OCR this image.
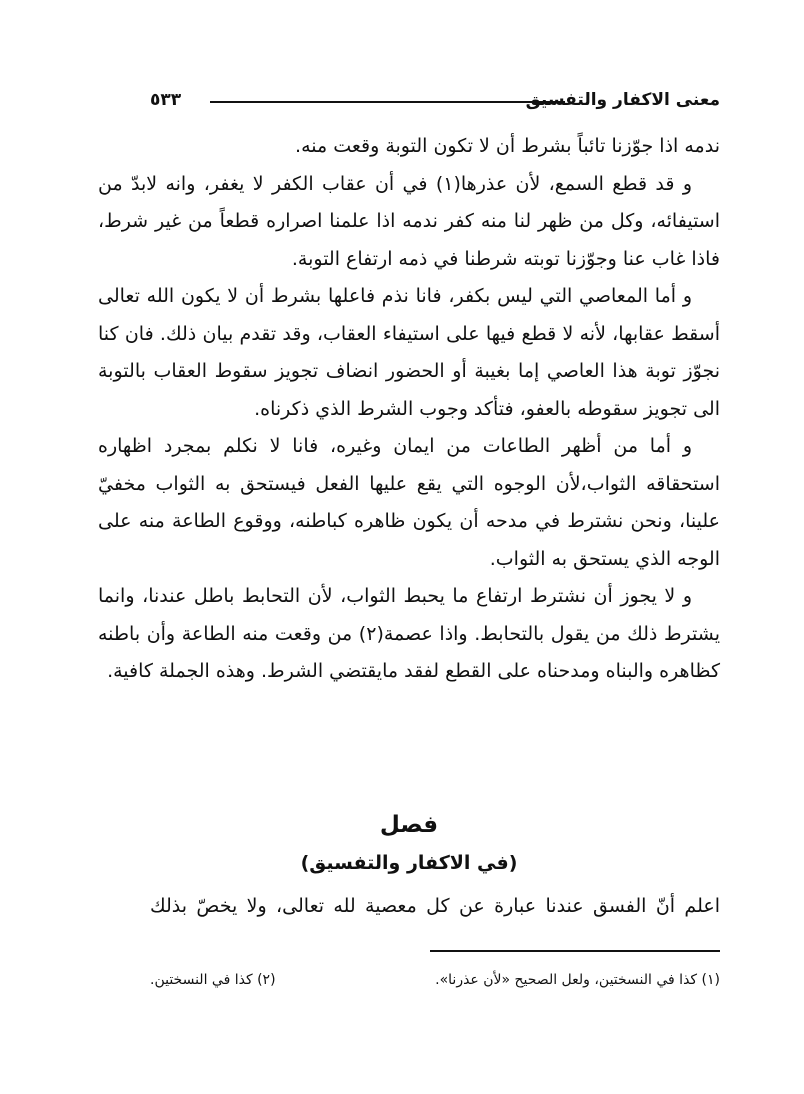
معنى الاكفار والتفسيق
٥٣٣

ندمه اذا جوّزنا تائباً بشرط أن لا تكون التوبة وقعت منه.

و قد قطع السمع، لأن عذرها(١) في أن عقاب الكفر لا يغفر، وانه لابدّ من استيفائه، وكل من ظهر لنا منه كفر ندمه اذا علمنا اصراره قطعاً من غير شرط، فاذا غاب عنا وجوّزنا توبته شرطنا في ذمه ارتفاع التوبة.

و أما المعاصي التي ليس بكفر، فانا نذم فاعلها بشرط أن لا يكون الله تعالى أسقط عقابها، لأنه لا قطع فيها على استيفاء العقاب، وقد تقدم بيان ذلك. فان كنا نجوّز توبة هذا العاصي إما بغيبة أو الحضور انضاف تجويز سقوط العقاب بالتوبة الى تجويز سقوطه بالعفو، فتأكد وجوب الشرط الذي ذكرناه.

و أما من أظهر الطاعات من ايمان وغيره، فانا لا نكلم بمجرد اظهاره استحقاقه الثواب،لأن الوجوه التي يقع عليها الفعل فيستحق به الثواب مخفيّ علينا، ونحن نشترط في مدحه أن يكون ظاهره كباطنه، ووقوع الطاعة منه على الوجه الذي يستحق به الثواب.

و لا يجوز أن نشترط ارتفاع ما يحبط الثواب، لأن التحابط باطل عندنا، وانما يشترط ذلك من يقول بالتحابط. واذا عصمة(٢) من وقعت منه الطاعة وأن باطنه كظاهره والبناه ومدحناه على القطع لفقد مايقتضي الشرط. وهذه الجملة كافية.

فصل
(في الاكفار والتفسيق)
اعلم أنّ الفسق عندنا عبارة عن كل معصية لله تعالى، ولا يخصّ بذلك
(١) كذا في النسختين، ولعل الصحيح «لأن عذرنا».
(٢) كذا في النسختين.
